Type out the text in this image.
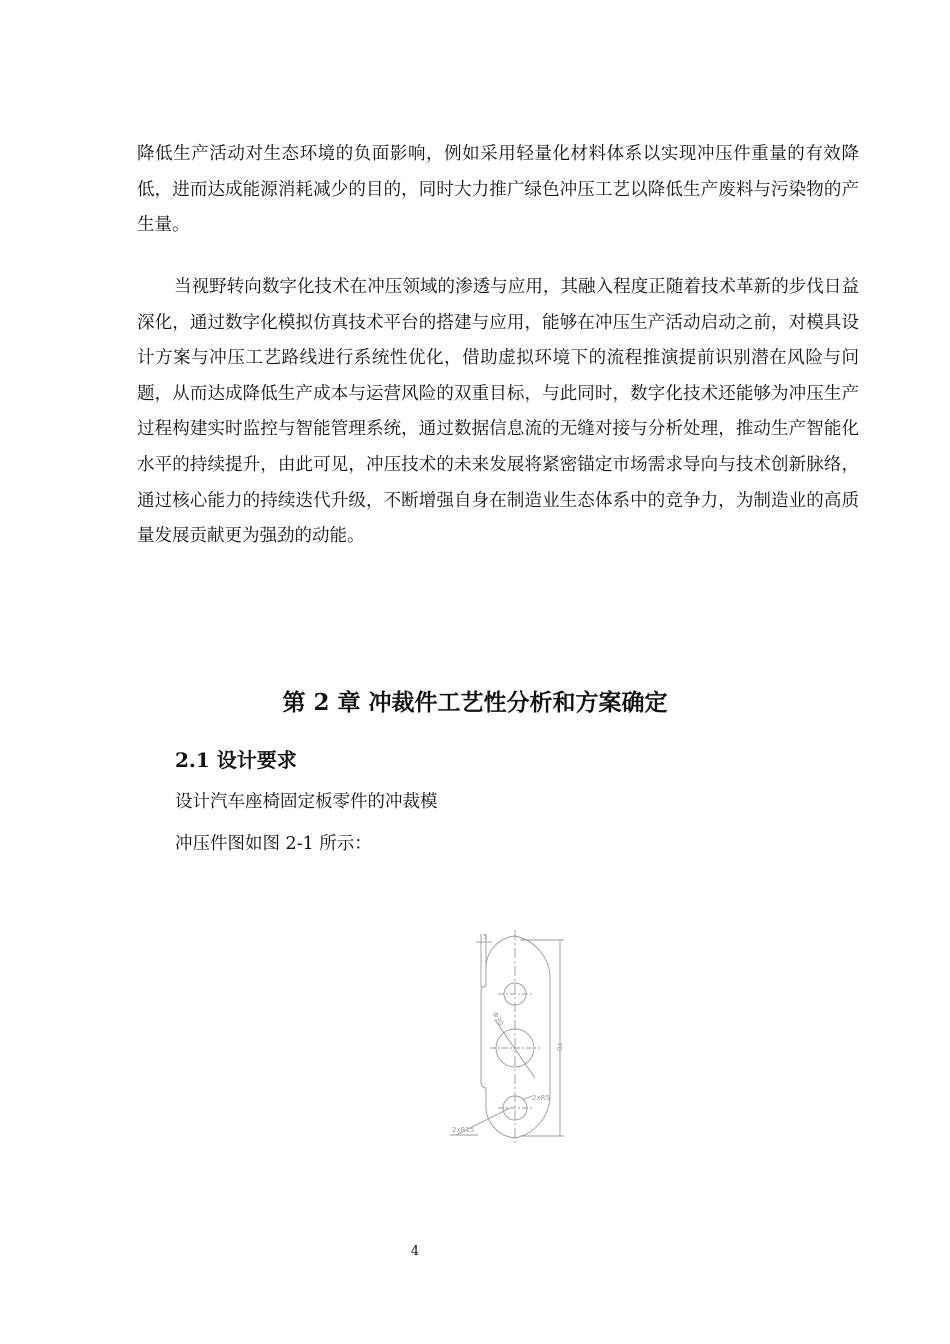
降低生产活动对生态环境的负面影响，例如采用轻量化材料体系以实现冲压件重量的有效降低，进而达成能源消耗减少的目的，同时大力推广绿色冲压工艺以降低生产废料与污染物的产生量。

当视野转向数字化技术在冲压领域的渗透与应用，其融入程度正随着技术革新的步伐日益深化，通过数字化模拟仿真技术平台的搭建与应用，能够在冲压生产活动启动之前，对模具设计方案与冲压工艺路线进行系统性优化，借助虚拟环境下的流程推演提前识别潜在风险与问题，从而达成降低生产成本与运营风险的双重目标，与此同时，数字化技术还能够为冲压生产过程构建实时监控与智能管理系统，通过数据信息流的无缝对接与分析处理，推动生产智能化水平的持续提升，由此可见，冲压技术的未来发展将紧密锚定市场需求导向与技术创新脉络，通过核心能力的持续迭代升级，不断增强自身在制造业生态体系中的竞争力，为制造业的高质量发展贡献更为强劲的动能。

第 2 章 冲裁件工艺性分析和方案确定
2.1 设计要求

设计汽车座椅固定板零件的冲裁模

冲压件图如图 2-1 所示：

5
Φ30
70
2xR5
2xR15
4
